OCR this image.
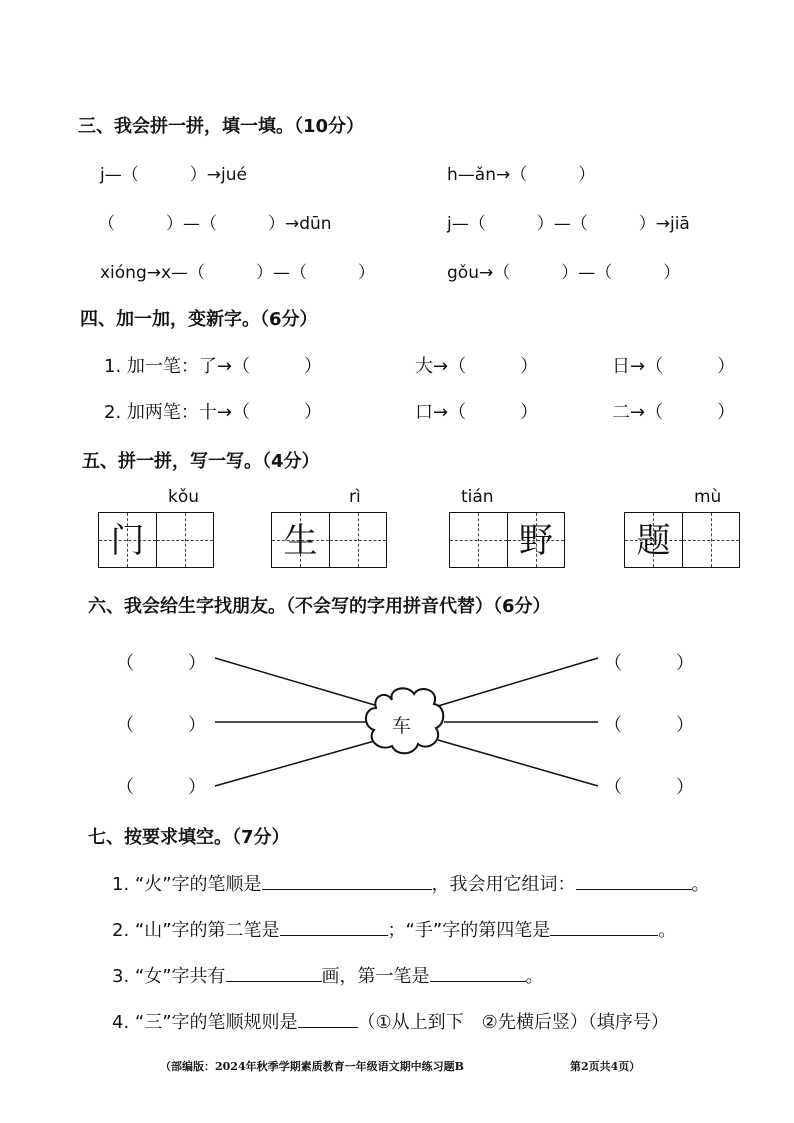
三、我会拼一拼，填一填。（10分）
j—（　　　）→jué	h—ǎn→（　　　）
（　　　）—（　　　）→dūn	j—（　　　）—（　　　）→jiā
xióng→x—（　　　）—（　　　）	gǒu→（　　　）—（　　　）
四、加一加，变新字。（6分）
1. 加一笔：了→（　　　）	大→（　　　）	日→（　　　）
2. 加两笔：十→（　　　）	口→（　　　）	二→（　　　）
五、拼一拼，写一写。（4分）
kǒu	rì	tián	mù
门	生	野	题
六、我会给生字找朋友。（不会写的字用拼音代替）（6分）
车
（　　　）
（　　　）
（　　　）
（　　　）
（　　　）
（　　　）
七、按要求填空。（7分）
1. “火”字的笔顺是	，我会用它组词：	。
2. “山”字的第二笔是	；“手”字的第四笔是	。
3. “女”字共有	画，第一笔是	。
4. “三”字的笔顺规则是	（①从上到下　②先横后竖）（填序号）
（部编版：2024年秋季学期素质教育一年级语文期中练习题B	第2页共4页）
